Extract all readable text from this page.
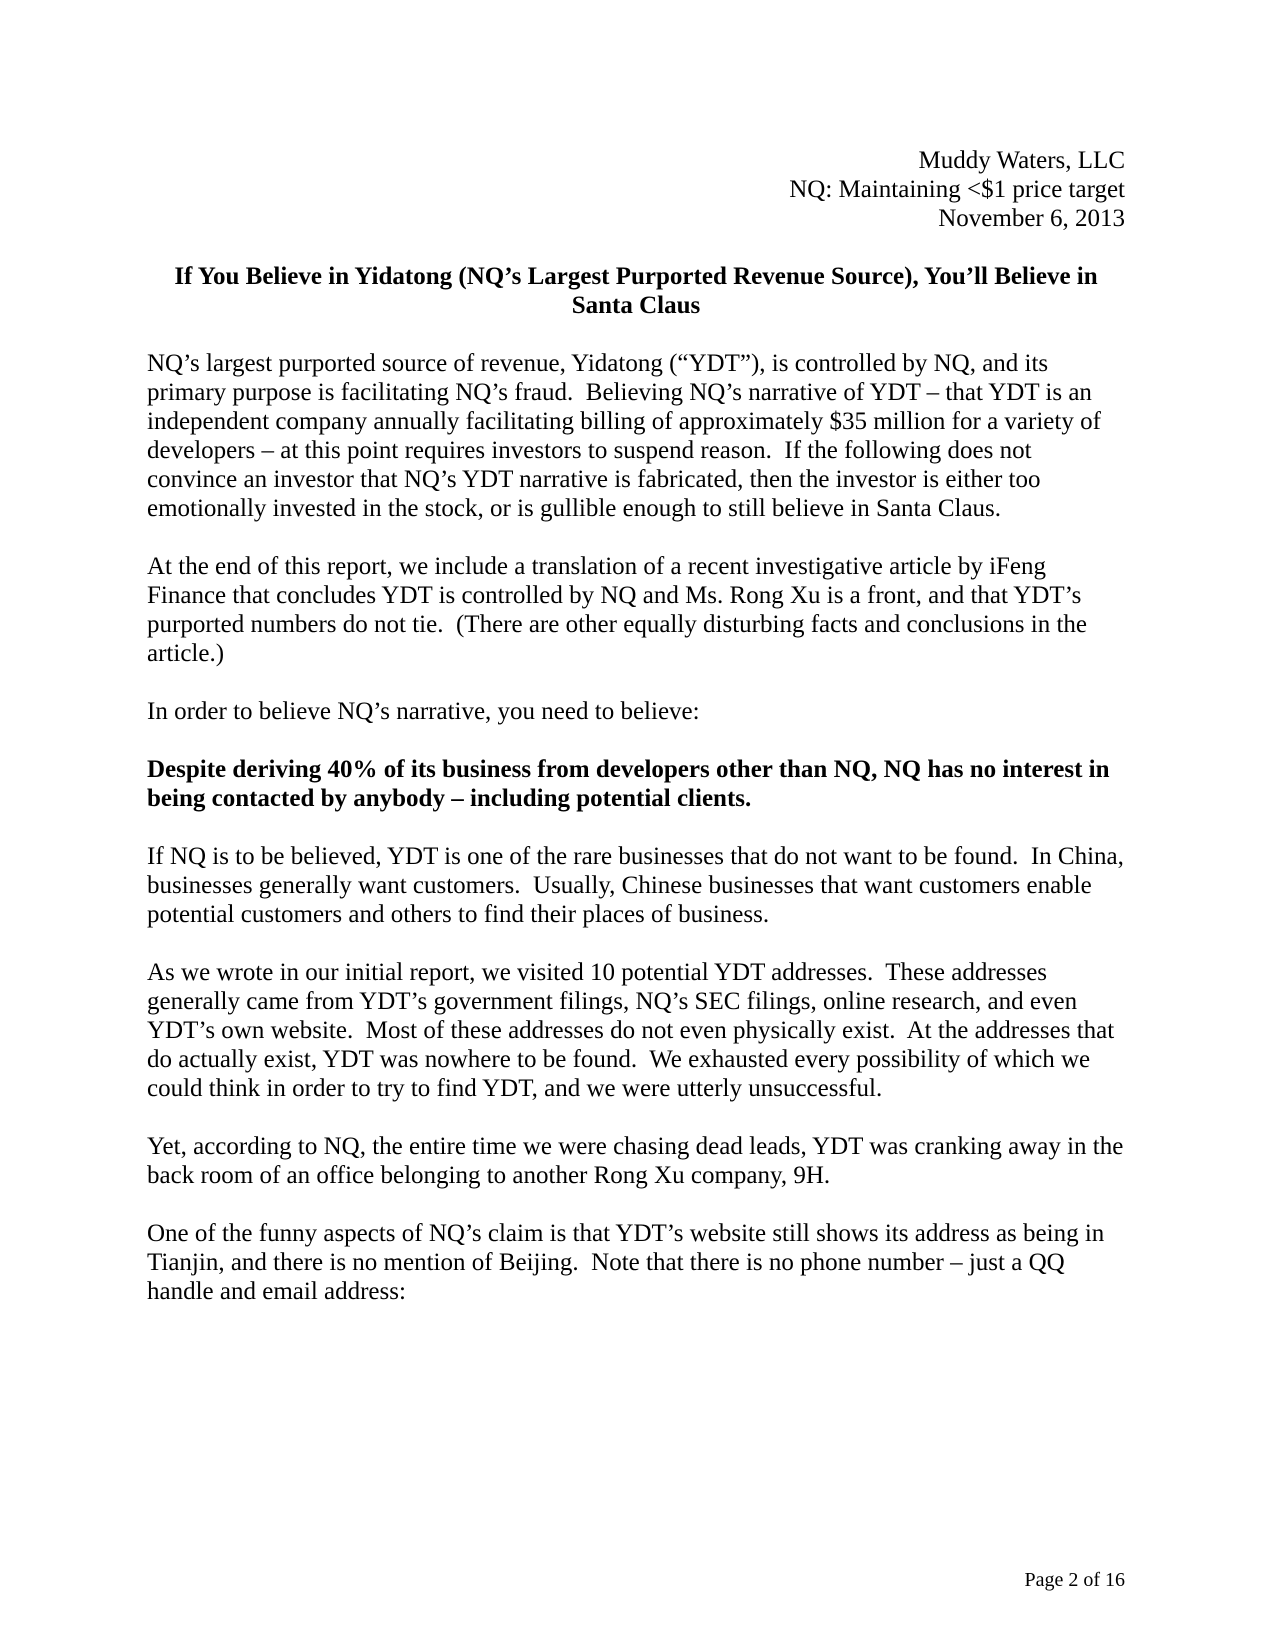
Muddy Waters, LLC
NQ: Maintaining <$1 price target
November 6, 2013
If You Believe in Yidatong (NQ’s Largest Purported Revenue Source), You’ll Believe in Santa Claus

NQ’s largest purported source of revenue, Yidatong (“YDT”), is controlled by NQ, and its primary purpose is facilitating NQ’s fraud.  Believing NQ’s narrative of YDT – that YDT is an independent company annually facilitating billing of approximately $35 million for a variety of developers – at this point requires investors to suspend reason.  If the following does not convince an investor that NQ’s YDT narrative is fabricated, then the investor is either too emotionally invested in the stock, or is gullible enough to still believe in Santa Claus.

At the end of this report, we include a translation of a recent investigative article by iFeng Finance that concludes YDT is controlled by NQ and Ms. Rong Xu is a front, and that YDT’s purported numbers do not tie.  (There are other equally disturbing facts and conclusions in the article.)

In order to believe NQ’s narrative, you need to believe:

Despite deriving 40% of its business from developers other than NQ, NQ has no interest in being contacted by anybody – including potential clients.

If NQ is to be believed, YDT is one of the rare businesses that do not want to be found.  In China, businesses generally want customers.  Usually, Chinese businesses that want customers enable potential customers and others to find their places of business.

As we wrote in our initial report, we visited 10 potential YDT addresses.  These addresses generally came from YDT’s government filings, NQ’s SEC filings, online research, and even YDT’s own website.  Most of these addresses do not even physically exist.  At the addresses that do actually exist, YDT was nowhere to be found.  We exhausted every possibility of which we could think in order to try to find YDT, and we were utterly unsuccessful.

Yet, according to NQ, the entire time we were chasing dead leads, YDT was cranking away in the back room of an office belonging to another Rong Xu company, 9H.

One of the funny aspects of NQ’s claim is that YDT’s website still shows its address as being in Tianjin, and there is no mention of Beijing.  Note that there is no phone number – just a QQ handle and email address:

Page 2 of 16
